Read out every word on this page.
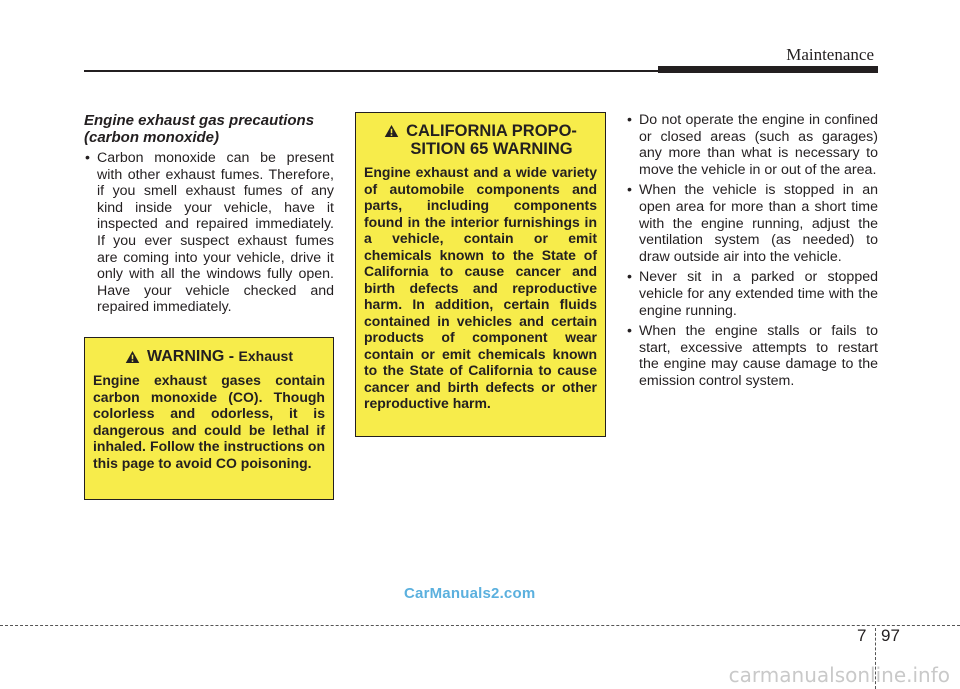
Maintenance
Engine exhaust gas precautions
(carbon monoxide)
• Carbon monoxide can be present with other exhaust fumes. Therefore, if you smell exhaust fumes of any kind inside your vehicle, have it inspected and repaired immediately. If you ever suspect exhaust fumes are coming into your vehicle, drive it only with all the windows fully open. Have your vehicle checked and repaired immediately.
WARNING -
Exhaust
Engine exhaust gases contain carbon monoxide (CO). Though colorless and odorless, it is dangerous and could be lethal if inhaled. Follow the instructions on this page to avoid CO poisoning.
CALIFORNIA PROPO-
SITION 65 WARNING
Engine exhaust and a wide variety of automobile components and parts, including components found in the interior furnishings in a vehicle, contain or emit chemicals known to the State of California to cause cancer and birth defects and reproductive harm. In addition, certain fluids contained in vehicles and certain products of component wear contain or emit chemicals known to the State of California to cause cancer and birth defects or other reproductive harm.
• Do not operate the engine in confined or closed areas (such as garages) any more than what is necessary to move the vehicle in or out of the area.
• When the vehicle is stopped in an open area for more than a short time with the engine running, adjust the ventilation system (as needed) to draw outside air into the vehicle.
• Never sit in a parked or stopped vehicle for any extended time with the engine running.
• When the engine stalls or fails to start, excessive attempts to restart the engine may cause damage to the emission control system.
CarManuals2.com
7 97
carmanualsonline.info
